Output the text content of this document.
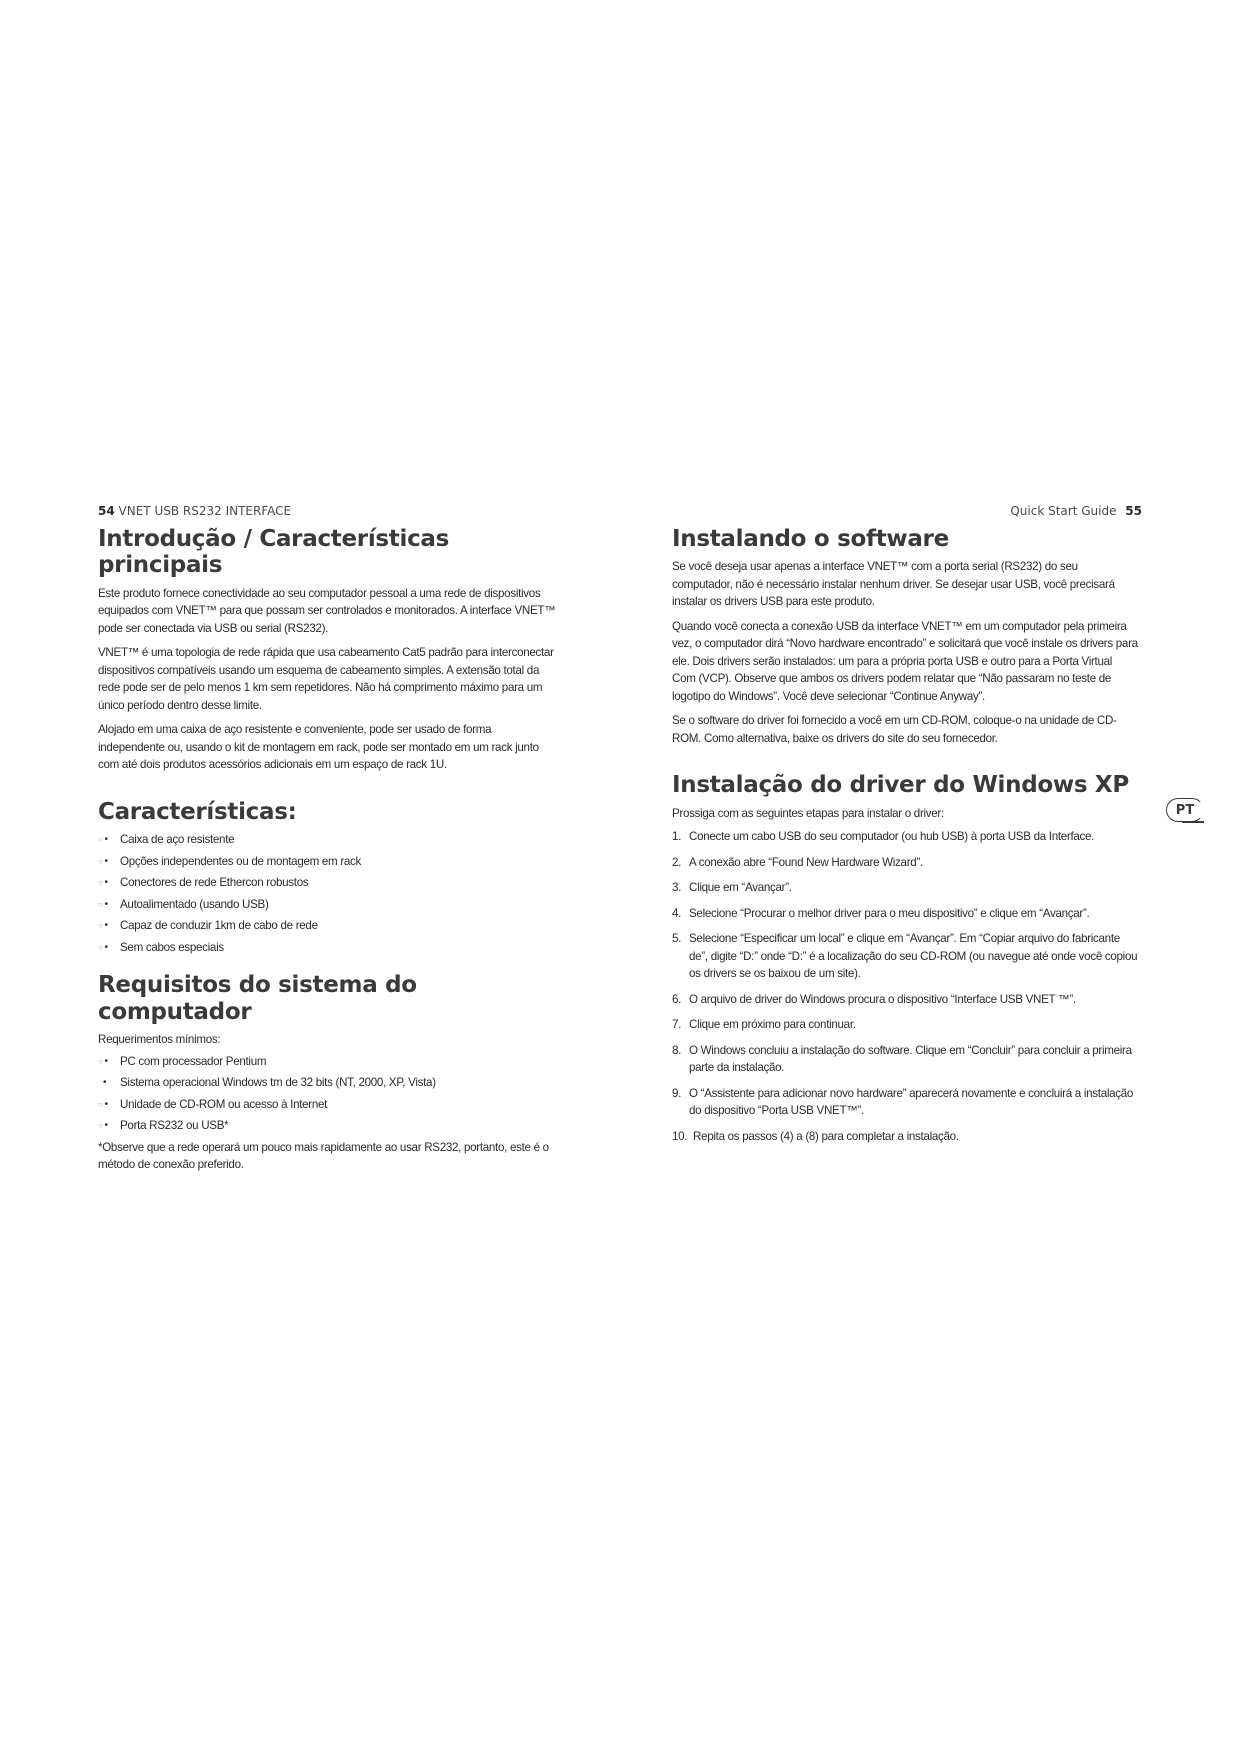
54 VNET USB RS232 INTERFACE	Quick Start Guide 55
Introdução / Características principais

Este produto fornece conectividade ao seu computador pessoal a uma rede de dispositivos equipados com VNET™ para que possam ser controlados e monitorados. A interface VNET™ pode ser conectada via USB ou serial (RS232).

VNET™ é uma topologia de rede rápida que usa cabeamento Cat5 padrão para interconectar dispositivos compatíveis usando um esquema de cabeamento simples. A extensão total da rede pode ser de pelo menos 1 km sem repetidores. Não há comprimento máximo para um único período dentro desse limite.

Alojado em uma caixa de aço resistente e conveniente, pode ser usado de forma independente ou, usando o kit de montagem em rack, pode ser montado em um rack junto com até dois produtos acessórios adicionais em um espaço de rack 1U.

Características:
○ •	Caixa de aço resistente
○ •	Opções independentes ou de montagem em rack
○ •	Conectores de rede Ethercon robustos
○ •	Autoalimentado (usando USB)
○ •	Capaz de conduzir 1km de cabo de rede
○ •	Sem cabos especiais
Requisitos do sistema do computador

Requerimentos mínimos:

○ •	PC com processador Pentium
•	Sistema operacional Windows tm de 32 bits (NT, 2000, XP, Vista)
○ •	Unidade de CD-ROM ou acesso à Internet
○ •	Porta RS232 ou USB*

*Observe que a rede operará um pouco mais rapidamente ao usar RS232, portanto, este é o método de conexão preferido.

Instalando o software

Se você deseja usar apenas a interface VNET™ com a porta serial (RS232) do seu computador, não é necessário instalar nenhum driver. Se desejar usar USB, você precisará instalar os drivers USB para este produto.

Quando você conecta a conexão USB da interface VNET™ em um computador pela primeira vez, o computador dirá “Novo hardware encontrado” e solicitará que você instale os drivers para ele. Dois drivers serão instalados: um para a própria porta USB e outro para a Porta Virtual Com (VCP). Observe que ambos os drivers podem relatar que “Não passaram no teste de logotipo do Windows”. Você deve selecionar “Continue Anyway”.

Se o software do driver foi fornecido a você em um CD-ROM, coloque-o na unidade de CD-ROM. Como alternativa, baixe os drivers do site do seu fornecedor.

Instalação do driver do Windows XP

Prossiga com as seguintes etapas para instalar o driver:

1. Conecte um cabo USB do seu computador (ou hub USB) à porta USB da Interface.
2. A conexão abre “Found New Hardware Wizard”.
3. Clique em “Avançar”.
4. Selecione “Procurar o melhor driver para o meu dispositivo” e clique em “Avançar”.
5. Selecione “Especificar um local” e clique em “Avançar”. Em “Copiar arquivo do fabricante de”, digite “D:” onde “D:” é a localização do seu CD-ROM (ou navegue até onde você copiou os drivers se os baixou de um site).
6. O arquivo de driver do Windows procura o dispositivo “Interface USB VNET ™”.
7. Clique em próximo para continuar.
8. O Windows concluiu a instalação do software. Clique em “Concluir” para concluir a primeira parte da instalação.
9. O “Assistente para adicionar novo hardware” aparecerá novamente e concluirá a instalação do dispositivo “Porta USB VNET™”.
10. Repita os passos (4) a (8) para completar a instalação.
PT
